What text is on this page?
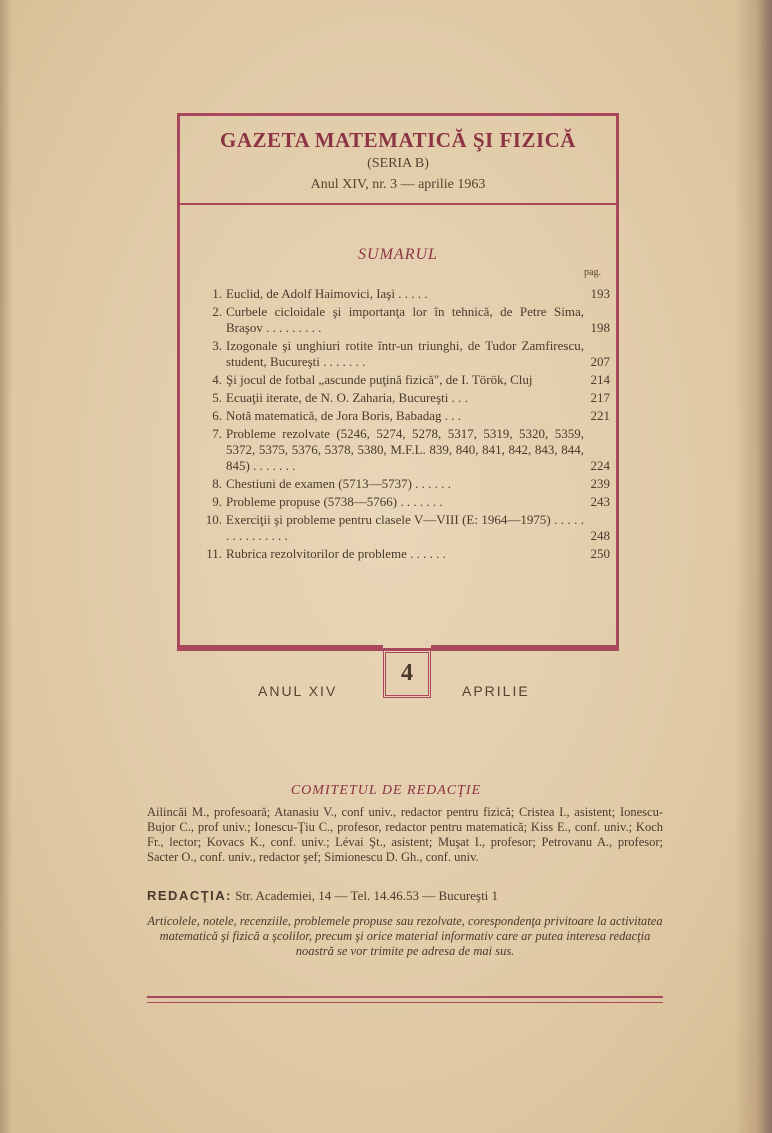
GAZETA MATEMATICĂ ŞI FIZICĂ
(SERIA B)
Anul XIV, nr. 3 — aprilie 1963
SUMARUL
pag.
1. Euclid, de Adolf Haimovici, Iaşi . . . . .	193
2. Curbele cicloidale şi importanţa lor în tehnică, de Petre Sima, Braşov . . . . . . . . .	198
3. Izogonale şi unghiuri rotite într-un triunghi, de Tudor Zamfirescu, student, Bucureşti . . . . . . .	207
4. Şi jocul de fotbal „ascunde puţină fizică", de I. Török, Cluj	214
5. Ecuaţii iterate, de N. O. Zaharia, Bucureşti . . .	217
6. Notă matematică, de Jora Boris, Babadag . . .	221
7. Probleme rezolvate (5246, 5274, 5278, 5317, 5319, 5320, 5359, 5372, 5375, 5376, 5378, 5380, M.F.L. 839, 840, 841, 842, 843, 844, 845) . . . . . . .	224
8. Chestiuni de examen (5713—5737) . . . . . .	239
9. Probleme propuse (5738—5766) . . . . . . .	243
10. Exerciţii şi probleme pentru clasele V—VIII (E: 1964—1975) . . . . . . . . . . . . . . .	248
11. Rubrica rezolvitorilor de probleme . . . . . .	250
4
ANUL XIV	APRILIE
COMITETUL DE REDACŢIE
Ailincăi M., profesoară; Atanasiu V., conf univ., redactor pentru fizică; Cristea I., asistent; Ionescu-Bujor C., prof univ.; Ionescu-Ţiu C., profesor, redactor pentru matematică; Kiss E., conf. univ.; Koch Fr., lector; Kovacs K., conf. univ.; Lévai Şt., asistent; Muşat I., profesor; Petrovanu A., profesor; Sacter O., conf. univ., redactor şef; Simionescu D. Gh., conf. univ.
REDACŢIA: Str. Academiei, 14 — Tel. 14.46.53 — Bucureşti 1
Articolele, notele, recenziile, problemele propuse sau rezolvate, corespondenţa privitoare la activitatea matematică şi fizică a şcolilor, precum şi orice material informativ care ar putea interesa redacţia noastră se vor trimite pe adresa de mai sus.
